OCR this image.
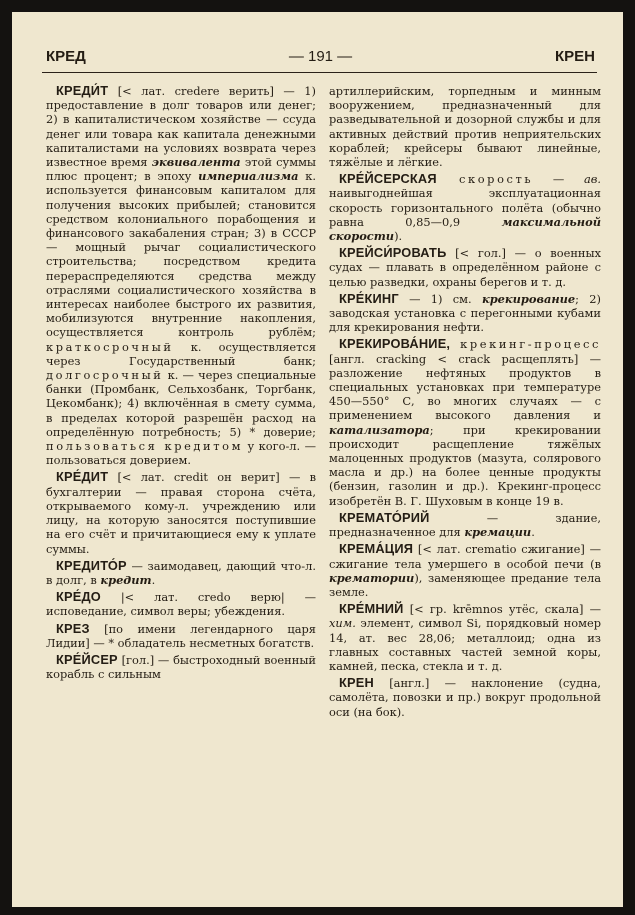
— 191 —
КРЕД	КРЕН

КРЕДИ́Т [< лат. credere верить] — 1) предоставление в долг товаров или денег; 2) в капиталистическом хозяйстве — ссуда денег или товара как капитала денежными капиталистами на условиях возврата через известное время эквивалента этой суммы плюс процент; в эпоху империализма к. используется финансовым капиталом для получения высоких прибылей; становится средством колониального порабощения и финансового закабаления стран; 3) в СССР — мощный рычаг социалистического строительства; посредством кредита перераспределяются средства между отраслями социалистического хозяйства в интересах наиболее быстрого их развития, мобилизуются внутренние накопления, осуществляется контроль рублём; краткосрочный к. осуществляется через Государственный банк; долгосрочный к. — через специальные банки (Промбанк, Сельхозбанк, Торгбанк, Цекомбанк); 4) включённая в смету сумма, в пределах которой разрешён расход на определённую потребность; 5) * доверие; пользоваться кредитом у кого-л. — пользоваться доверием.

КРЕ́ДИТ [< лат. credit он верит] — в бухгалтерии — правая сторона счёта, открываемого кому-л. учреждению или лицу, на которую заносятся поступившие на его счёт и причитающиеся ему к уплате суммы.

КРЕДИТО́Р — заимодавец, дающий что-л. в долг, в кредит.

КРЕ́ДО |< лат. credo верю| — исповедание, символ веры; убеждения.

КРЕЗ [по имени легендарного царя Лидии] — * обладатель несметных богатств.

КРЕ́ЙСЕР [гол.] — быстроходный военный корабль с сильным

артиллерийским, торпедным и минным вооружением, предназначенный для разведывательной и дозорной службы и для активных действий против неприятельских кораблей; крейсеры бывают линейные, тяжёлые и лёгкие.

КРЕ́ЙСЕРСКАЯ скорость — ав. наивыгоднейшая эксплуатационная скорость горизонтального полёта (обычно равна 0,85—0,9 максимальной скорости).

КРЕЙСИ́РОВАТЬ [< гол.] — о военных судах — плавать в определённом районе с целью разведки, охраны берегов и т. д.

КРЕ́КИНГ — 1) см. крекирование; 2) заводская установка с перегонными кубами для крекирования нефти.

КРЕКИРОВА́НИЕ, крекинг-процесс [англ. cracking < crack расщеплять] — разложение нефтяных продуктов в специальных установках при температуре 450—550° С, во многих случаях — с применением высокого давления и катализатора; при крекировании происходит расщепление тяжёлых малоценных продуктов (мазута, солярового масла и др.) на более ценные продукты (бензин, газолин и др.). Крекинг-процесс изобретён В. Г. Шуховым в конце 19 в.

КРЕМАТО́РИЙ — здание, предназначенное для кремации.

КРЕМА́ЦИЯ [< лат. crematio сжигание] — сжигание тела умершего в особой печи (в крематории), заменяющее предание тела земле.

КРЕ́МНИЙ [< гр. krēmnos утёс, скала] — хим. элемент, символ Si, порядковый номер 14, ат. вес 28,06; металлоид; одна из главных составных частей земной коры, камней, песка, стекла и т. д.

КРЕН [англ.] — наклонение (судна, самолёта, повозки и пр.) вокруг продольной оси (на бок).
